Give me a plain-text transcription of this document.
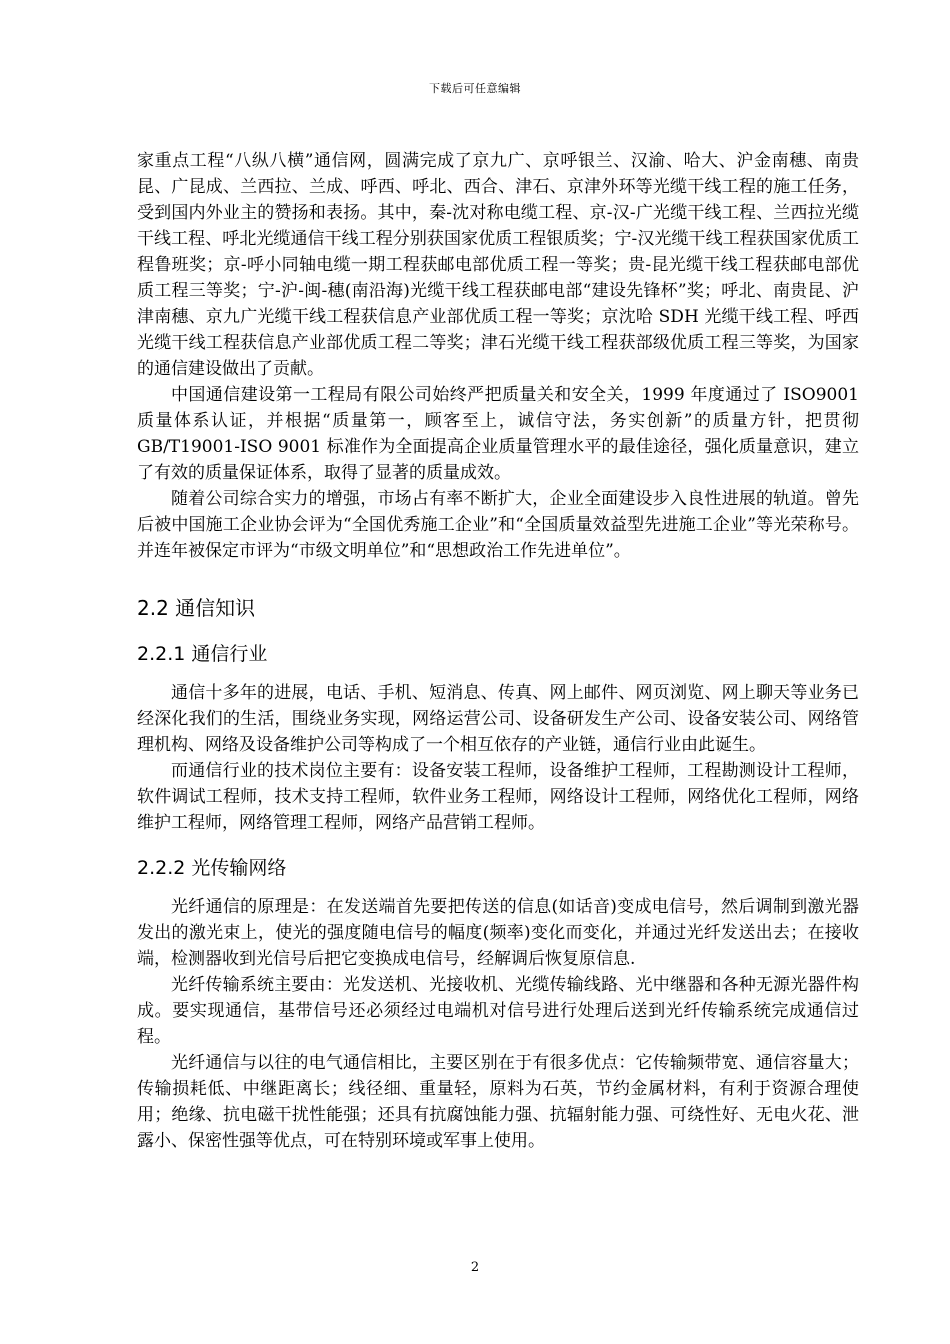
下载后可任意编辑

家重点工程“八纵八横”通信网，圆满完成了京九广、京呼银兰、汉渝、哈大、沪金南穗、南贵昆、广昆成、兰西拉、兰成、呼西、呼北、西合、津石、京津外环等光缆干线工程的施工任务，受到国内外业主的赞扬和表扬。其中，秦-沈对称电缆工程、京-汉-广光缆干线工程、兰西拉光缆干线工程、呼北光缆通信干线工程分别获国家优质工程银质奖；宁-汉光缆干线工程获国家优质工程鲁班奖；京-呼小同轴电缆一期工程获邮电部优质工程一等奖；贵-昆光缆干线工程获邮电部优质工程三等奖；宁-沪-闽-穗(南沿海)光缆干线工程获邮电部“建设先锋杯”奖；呼北、南贵昆、沪津南穗、京九广光缆干线工程获信息产业部优质工程一等奖；京沈哈 SDH 光缆干线工程、呼西光缆干线工程获信息产业部优质工程二等奖；津石光缆干线工程获部级优质工程三等奖，为国家的通信建设做出了贡献。

中国通信建设第一工程局有限公司始终严把质量关和安全关，1999 年度通过了 ISO9001 质量体系认证，并根据“质量第一，顾客至上，诚信守法，务实创新”的质量方针，把贯彻 GB/T19001-ISO 9001 标准作为全面提高企业质量管理水平的最佳途径，强化质量意识，建立了有效的质量保证体系，取得了显著的质量成效。

随着公司综合实力的增强，市场占有率不断扩大，企业全面建设步入良性进展的轨道。曾先后被中国施工企业协会评为“全国优秀施工企业”和“全国质量效益型先进施工企业”等光荣称号。并连年被保定市评为“市级文明单位”和“思想政治工作先进单位”。

2.2 通信知识
2.2.1 通信行业

通信十多年的进展，电话、手机、短消息、传真、网上邮件、网页浏览、网上聊天等业务已经深化我们的生活，围绕业务实现，网络运营公司、设备研发生产公司、设备安装公司、网络管理机构、网络及设备维护公司等构成了一个相互依存的产业链，通信行业由此诞生。

而通信行业的技术岗位主要有：设备安装工程师，设备维护工程师，工程勘测设计工程师，软件调试工程师，技术支持工程师，软件业务工程师，网络设计工程师，网络优化工程师，网络维护工程师，网络管理工程师，网络产品营销工程师。

2.2.2 光传输网络

光纤通信的原理是：在发送端首先要把传送的信息(如话音)变成电信号，然后调制到激光器发出的激光束上，使光的强度随电信号的幅度(频率)变化而变化，并通过光纤发送出去；在接收端，检测器收到光信号后把它变换成电信号，经解调后恢复原信息.

光纤传输系统主要由：光发送机、光接收机、光缆传输线路、光中继器和各种无源光器件构成。要实现通信，基带信号还必须经过电端机对信号进行处理后送到光纤传输系统完成通信过程。

光纤通信与以往的电气通信相比，主要区别在于有很多优点：它传输频带宽、通信容量大；传输损耗低、中继距离长；线径细、重量轻，原料为石英，节约金属材料，有利于资源合理使用；绝缘、抗电磁干扰性能强；还具有抗腐蚀能力强、抗辐射能力强、可绕性好、无电火花、泄露小、保密性强等优点，可在特别环境或军事上使用。

2
